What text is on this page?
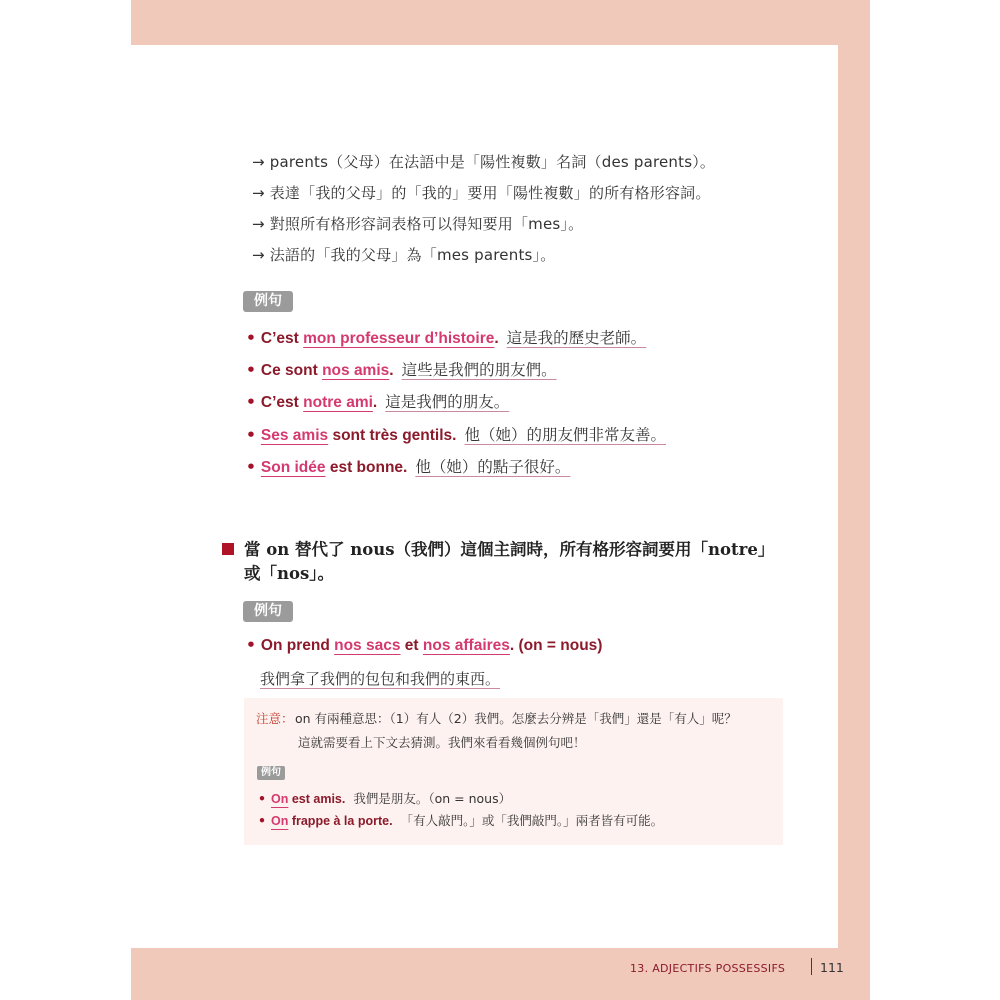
→ parents（父母）在法語中是「陽性複數」名詞（des parents）。
→ 表達「我的父母」的「我的」要用「陽性複數」的所有格形容詞。
→ 對照所有格形容詞表格可以得知要用「mes」。
→ 法語的「我的父母」為「mes parents」。
例句
• C’est mon professeur d’histoire. 這是我的歷史老師。
• Ce sont nos amis. 這些是我們的朋友們。
• C’est notre ami. 這是我們的朋友。
• Ses amis sont très gentils. 他（她）的朋友們非常友善。
• Son idée est bonne. 他（她）的點子很好。
當 on 替代了 nous（我們）這個主詞時，所有格形容詞要用「notre」
或「nos」。
例句
• On prend nos sacs et nos affaires. (on = nous)
我們拿了我們的包包和我們的東西。
注意： on 有兩種意思：（1）有人（2）我們。怎麼去分辨是「我們」還是「有人」呢？
這就需要看上下文去猜測。我們來看看幾個例句吧！
例句
• On est amis. 我們是朋友。（on = nous）
• On frappe à la porte. 「有人敲門。」或「我們敲門。」兩者皆有可能。
13. ADJECTIFS POSSESSIFS	111
